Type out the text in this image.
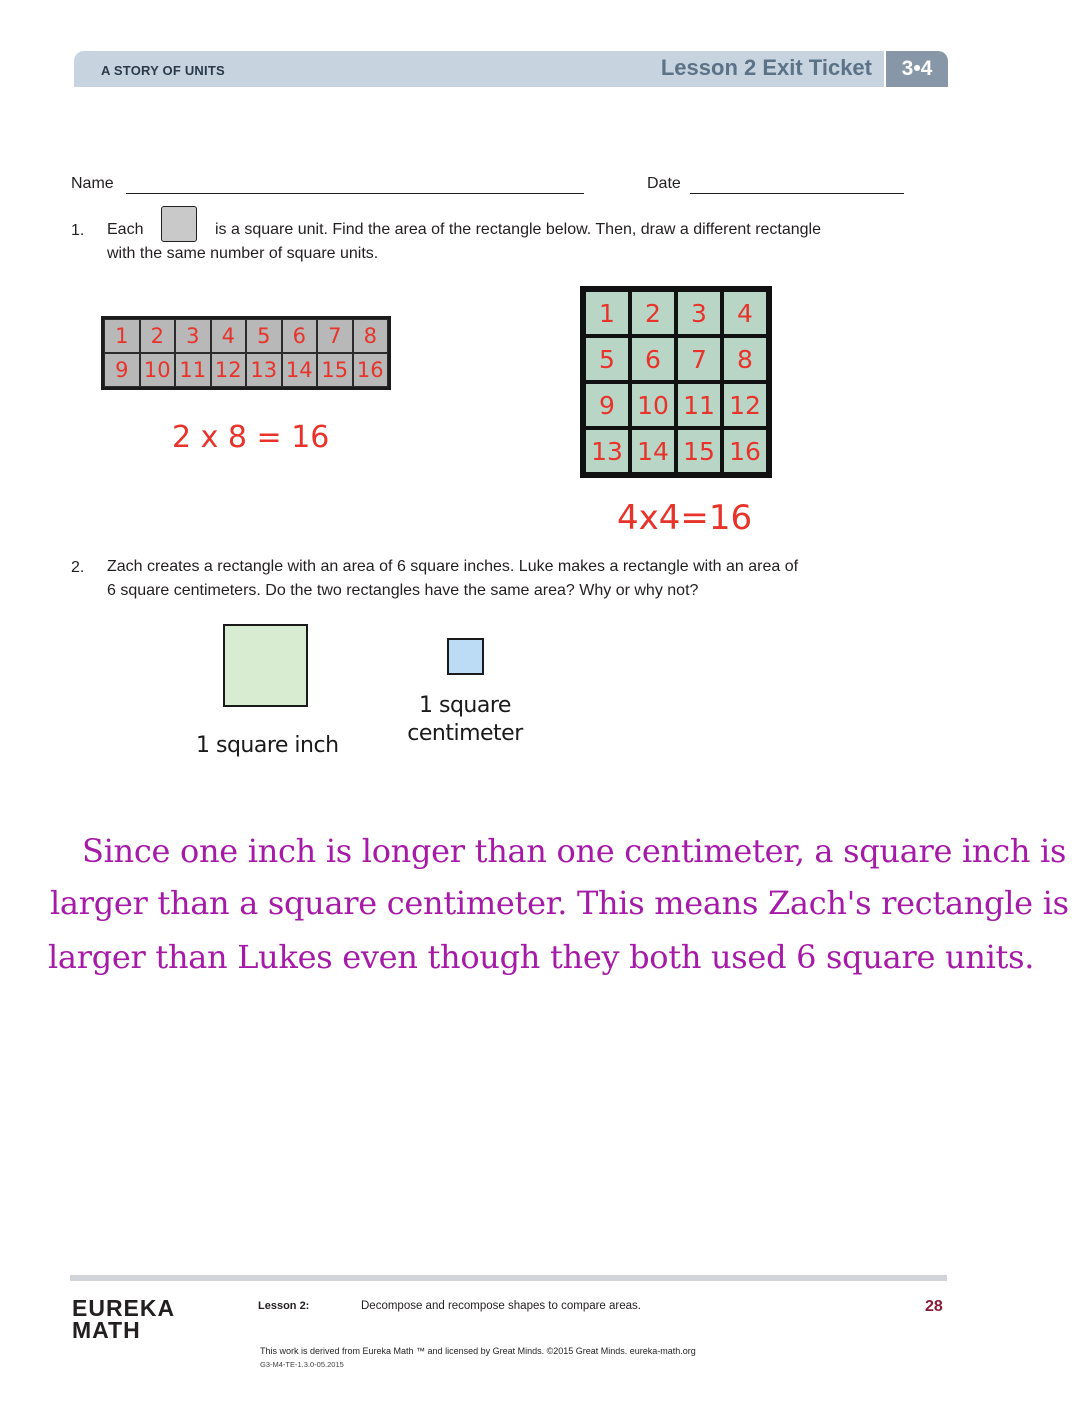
A STORY OF UNITS	Lesson 2 Exit Ticket	3•4
Name	Date
1. Each	is a square unit. Find the area of the rectangle below. Then, draw a different rectangle
with the same number of square units.
1	2	3	4	5	6	7	8
9 10 11 12 13 14 15 16
2 x 8 = 16
1	2	3	4
5	6	7	8
9 10 11 12
13 14 15 16
4x4=16
2. Zach creates a rectangle with an area of 6 square inches. Luke makes a rectangle with an area of
6 square centimeters. Do the two rectangles have the same area? Why or why not?
1 square inch
1 square
centimeter
Since one inch is longer than one centimeter, a square inch is
larger than a square centimeter. This means Zach's rectangle is
larger than Lukes even though they both used 6 square units.
EUREKA
MATH
Lesson 2:	Decompose and recompose shapes to compare areas.	28
This work is derived from Eureka Math ™ and licensed by Great Minds. ©2015 Great Minds. eureka-math.org
G3-M4-TE-1.3.0-05.2015
